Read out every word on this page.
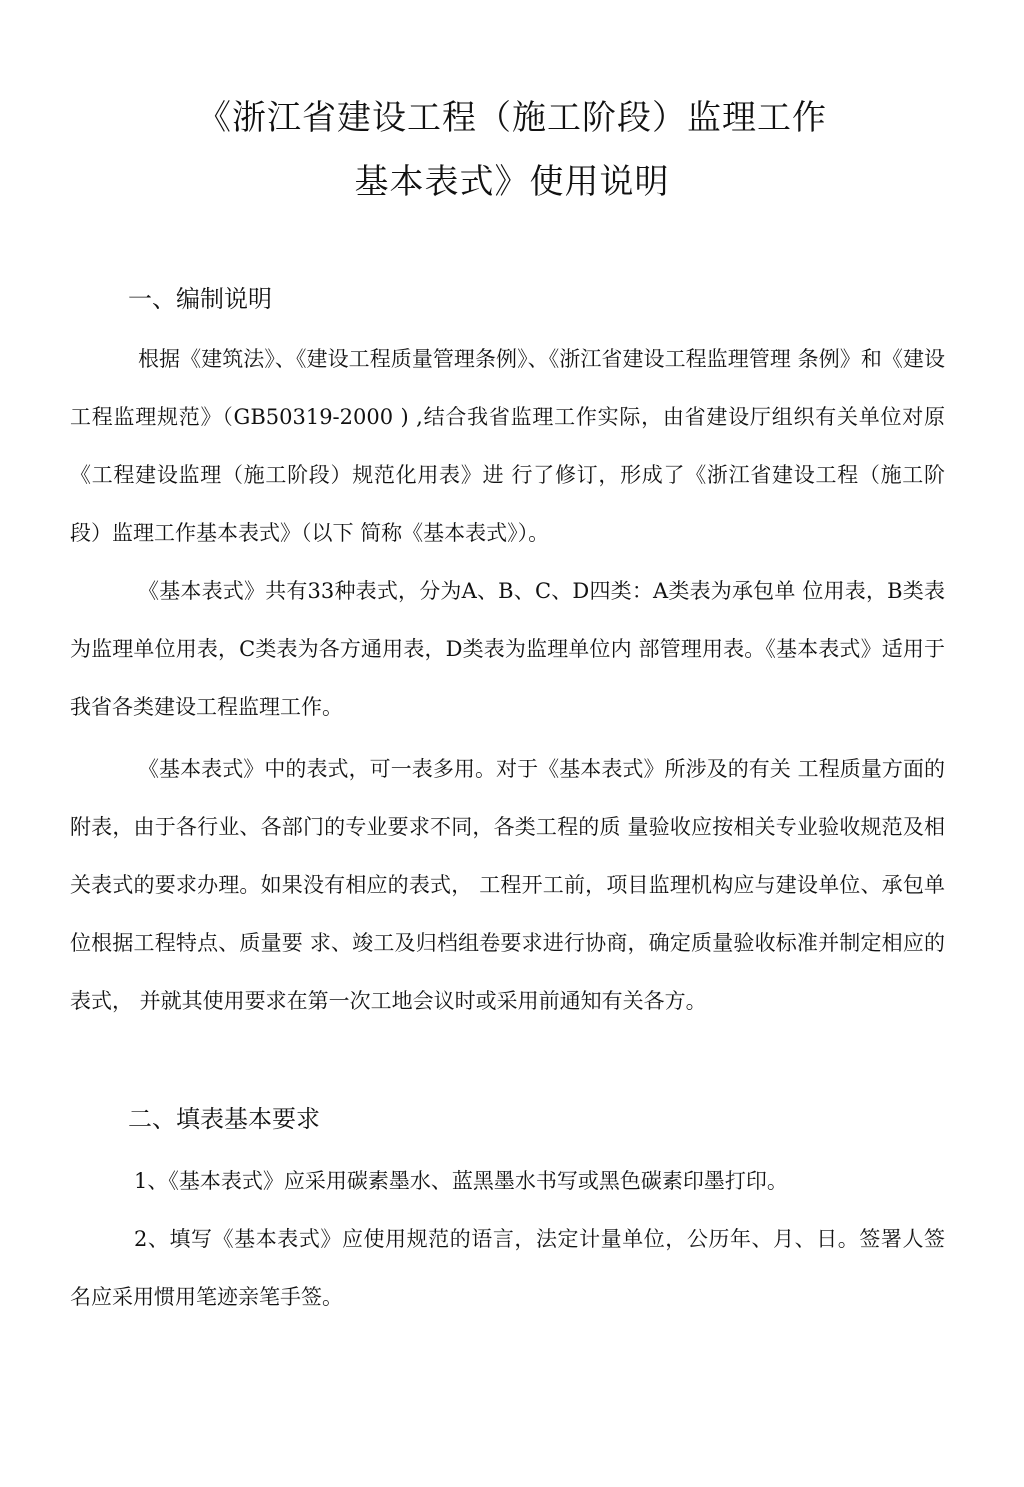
《浙江省建设工程（施工阶段）监理工作
基本表式》使用说明
一、编制说明
根据《建筑法》、《建设工程质量管理条例》、《浙江省建设工程监理管理 条例》和《建设工程监理规范》（GB50319-2000 ) ,结合我省监理工作实际，由省建设厅组织有关单位对原《工程建设监理（施工阶段）规范化用表》进 行了修订，形成了《浙江省建设工程（施工阶段）监理工作基本表式》（以下 简称《基本表式》）。
《基本表式》共有33种表式，分为A、B、C、D四类：A类表为承包单 位用表，B类表为监理单位用表，C类表为各方通用表，D类表为监理单位内 部管理用表。《基本表式》适用于我省各类建设工程监理工作。
《基本表式》中的表式，可一表多用。对于《基本表式》所涉及的有关 工程质量方面的附表，由于各行业、各部门的专业要求不同，各类工程的质 量验收应按相关专业验收规范及相关表式的要求办理。如果没有相应的表式， 工程开工前，项目监理机构应与建设单位、承包单位根据工程特点、质量要 求、竣工及归档组卷要求进行协商，确定质量验收标准并制定相应的表式， 并就其使用要求在第一次工地会议时或采用前通知有关各方。
二、填表基本要求
1、《基本表式》应采用碳素墨水、蓝黑墨水书写或黑色碳素印墨打印。
2、填写《基本表式》应使用规范的语言，法定计量单位，公历年、月、日。签署人签名应采用惯用笔迹亲笔手签。
